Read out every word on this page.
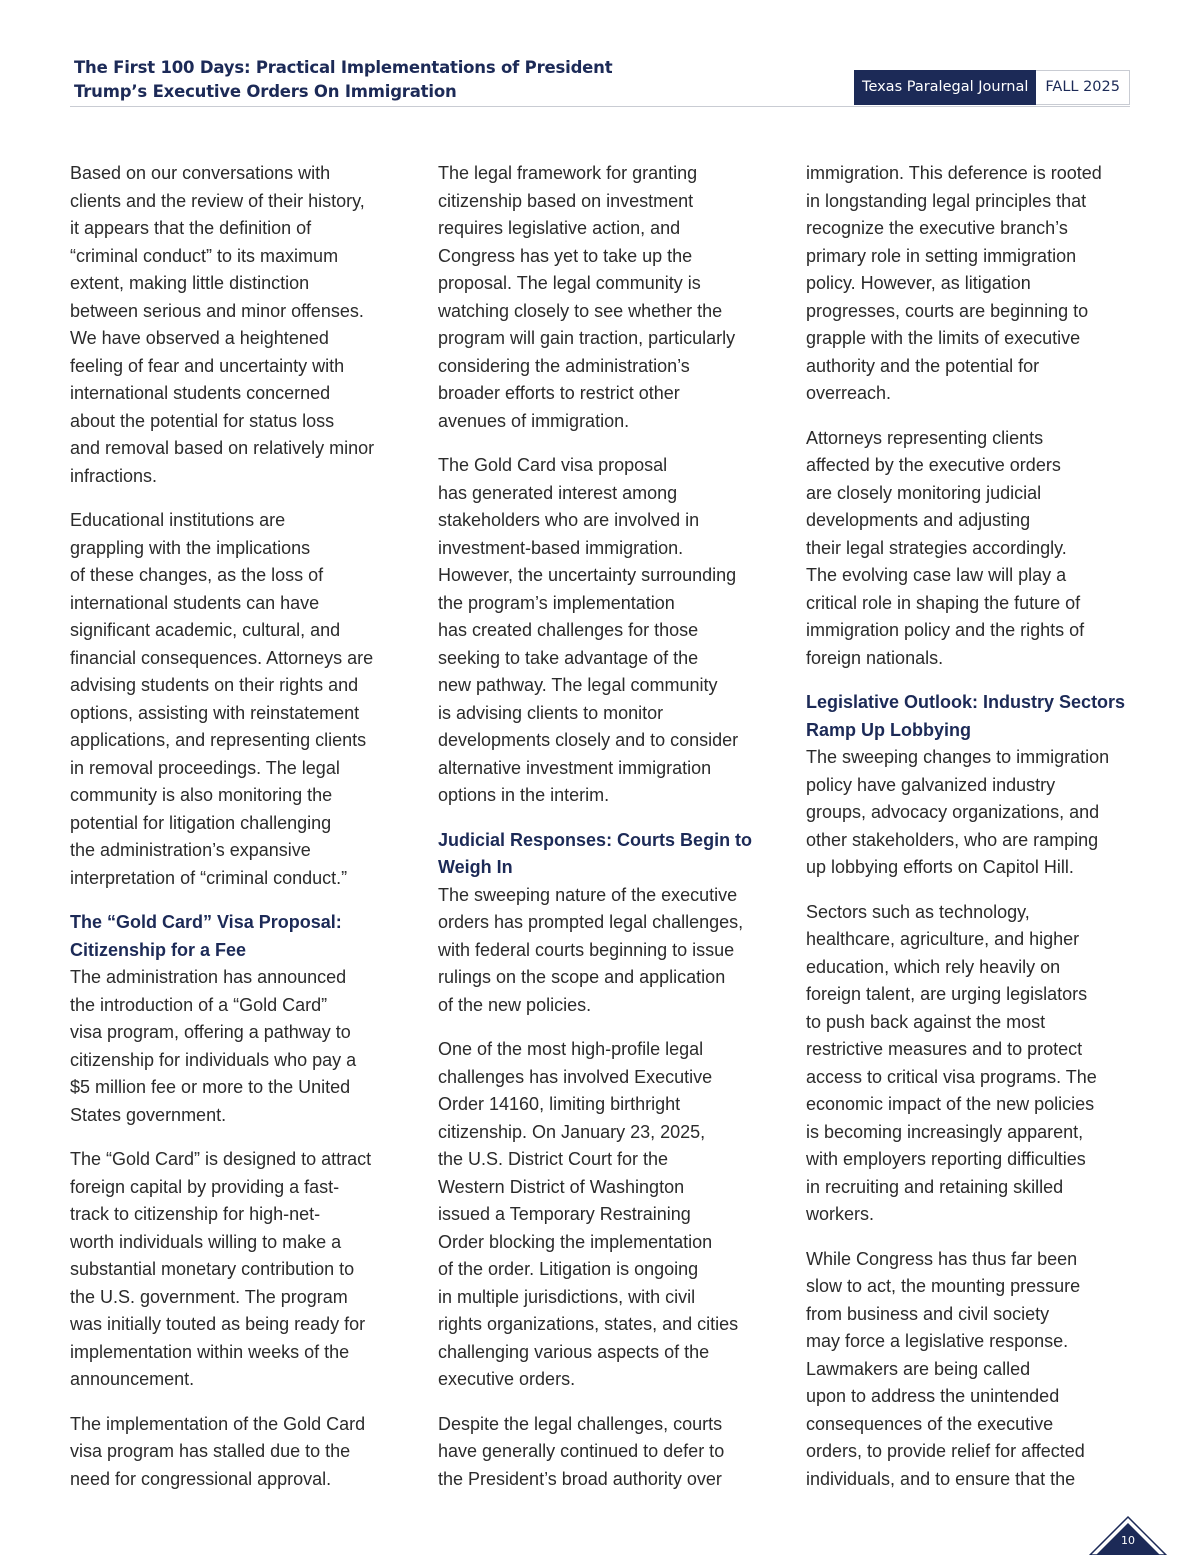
The First 100 Days: Practical Implementations of President
Trump’s Executive Orders On Immigration	Texas Paralegal Journal	FALL 2025
Based on our conversations with
clients and the review of their history,
it appears that the definition of
“criminal conduct” to its maximum
extent, making little distinction
between serious and minor offenses.
We have observed a heightened
feeling of fear and uncertainty with
international students concerned
about the potential for status loss
and removal based on relatively minor
infractions.
Educational institutions are
grappling with the implications
of these changes, as the loss of
international students can have
significant academic, cultural, and
financial consequences. Attorneys are
advising students on their rights and
options, assisting with reinstatement
applications, and representing clients
in removal proceedings. The legal
community is also monitoring the
potential for litigation challenging
the administration’s expansive
interpretation of “criminal conduct.”
The “Gold Card” Visa Proposal:
Citizenship for a Fee
The administration has announced
the introduction of a “Gold Card”
visa program, offering a pathway to
citizenship for individuals who pay a
$5 million fee or more to the United
States government.
The “Gold Card” is designed to attract
foreign capital by providing a fast-
track to citizenship for high-net-
worth individuals willing to make a
substantial monetary contribution to
the U.S. government. The program
was initially touted as being ready for
implementation within weeks of the
announcement.
The implementation of the Gold Card
visa program has stalled due to the
need for congressional approval.
The legal framework for granting
citizenship based on investment
requires legislative action, and
Congress has yet to take up the
proposal. The legal community is
watching closely to see whether the
program will gain traction, particularly
considering the administration’s
broader efforts to restrict other
avenues of immigration.
The Gold Card visa proposal
has generated interest among
stakeholders who are involved in
investment-based immigration.
However, the uncertainty surrounding
the program’s implementation
has created challenges for those
seeking to take advantage of the
new pathway. The legal community
is advising clients to monitor
developments closely and to consider
alternative investment immigration
options in the interim.
Judicial Responses: Courts Begin to
Weigh In
The sweeping nature of the executive
orders has prompted legal challenges,
with federal courts beginning to issue
rulings on the scope and application
of the new policies.
One of the most high-profile legal
challenges has involved Executive
Order 14160, limiting birthright
citizenship. On January 23, 2025,
the U.S. District Court for the
Western District of Washington
issued a Temporary Restraining
Order blocking the implementation
of the order. Litigation is ongoing
in multiple jurisdictions, with civil
rights organizations, states, and cities
challenging various aspects of the
executive orders.
Despite the legal challenges, courts
have generally continued to defer to
the President’s broad authority over
immigration. This deference is rooted
in longstanding legal principles that
recognize the executive branch’s
primary role in setting immigration
policy. However, as litigation
progresses, courts are beginning to
grapple with the limits of executive
authority and the potential for
overreach.
Attorneys representing clients
affected by the executive orders
are closely monitoring judicial
developments and adjusting
their legal strategies accordingly.
The evolving case law will play a
critical role in shaping the future of
immigration policy and the rights of
foreign nationals.
Legislative Outlook: Industry Sectors
Ramp Up Lobbying
The sweeping changes to immigration
policy have galvanized industry
groups, advocacy organizations, and
other stakeholders, who are ramping
up lobbying efforts on Capitol Hill.
Sectors such as technology,
healthcare, agriculture, and higher
education, which rely heavily on
foreign talent, are urging legislators
to push back against the most
restrictive measures and to protect
access to critical visa programs. The
economic impact of the new policies
is becoming increasingly apparent,
with employers reporting difficulties
in recruiting and retaining skilled
workers.
While Congress has thus far been
slow to act, the mounting pressure
from business and civil society
may force a legislative response.
Lawmakers are being called
upon to address the unintended
consequences of the executive
orders, to provide relief for affected
individuals, and to ensure that the
10
